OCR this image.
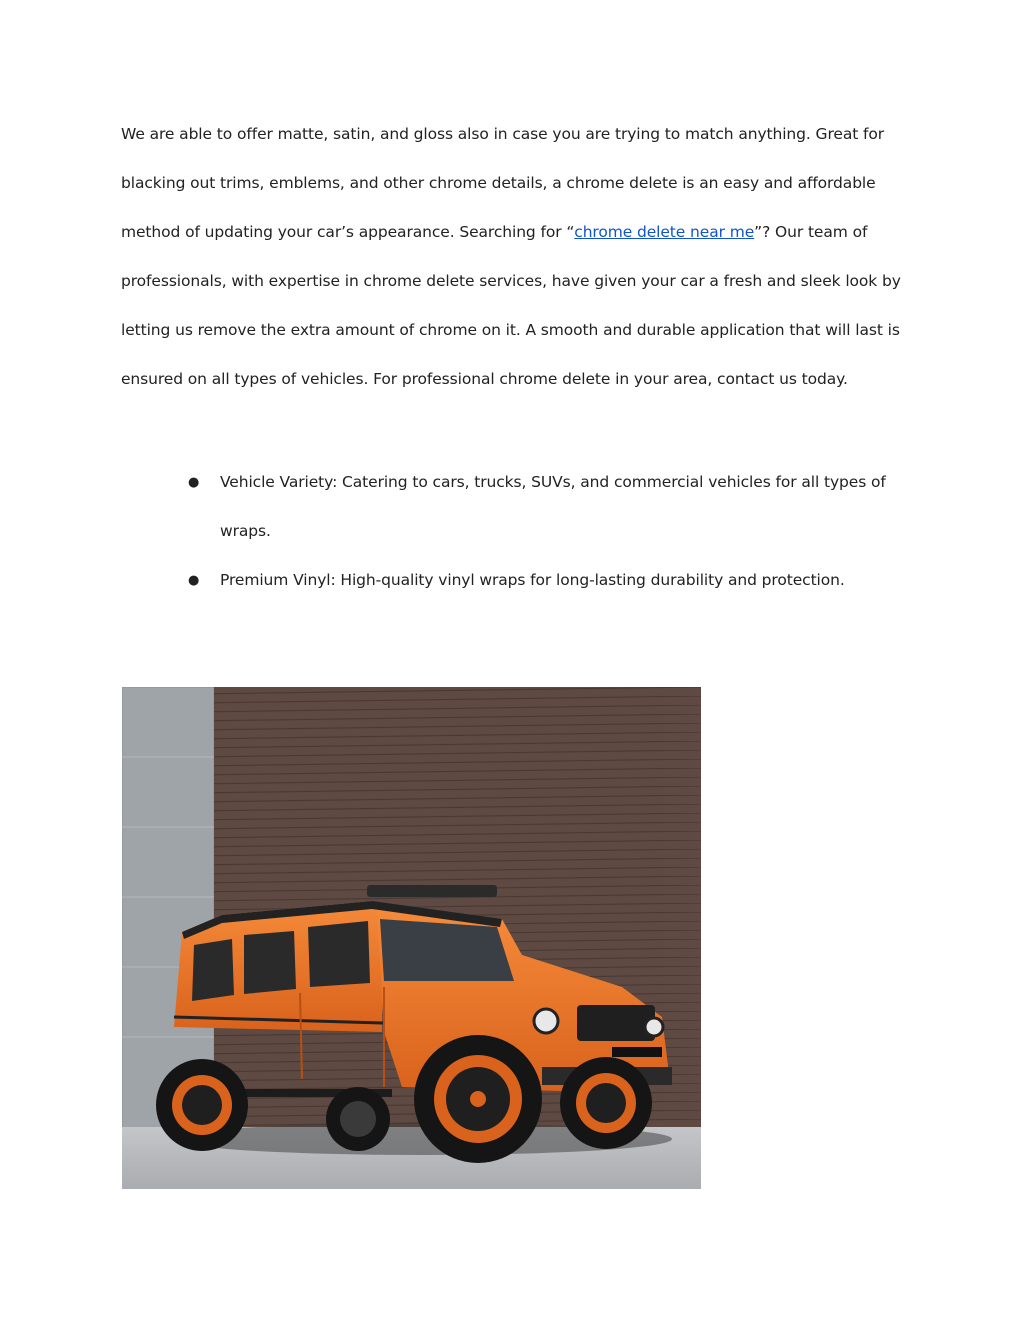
We are able to offer matte, satin, and gloss also in case you are trying to match anything. Great for
blacking out trims, emblems, and other chrome details, a chrome delete is an easy and affordable
method of updating your car’s appearance. Searching for “chrome delete near me”? Our team of
professionals, with expertise in chrome delete services, have given your car a fresh and sleek look by
letting us remove the extra amount of chrome on it. A smooth and durable application that will last is
ensured on all types of vehicles. For professional chrome delete in your area, contact us today.

● Vehicle Variety: Catering to cars, trucks, SUVs, and commercial vehicles for all types of
wraps.
● Premium Vinyl: High-quality vinyl wraps for long-lasting durability and protection.
